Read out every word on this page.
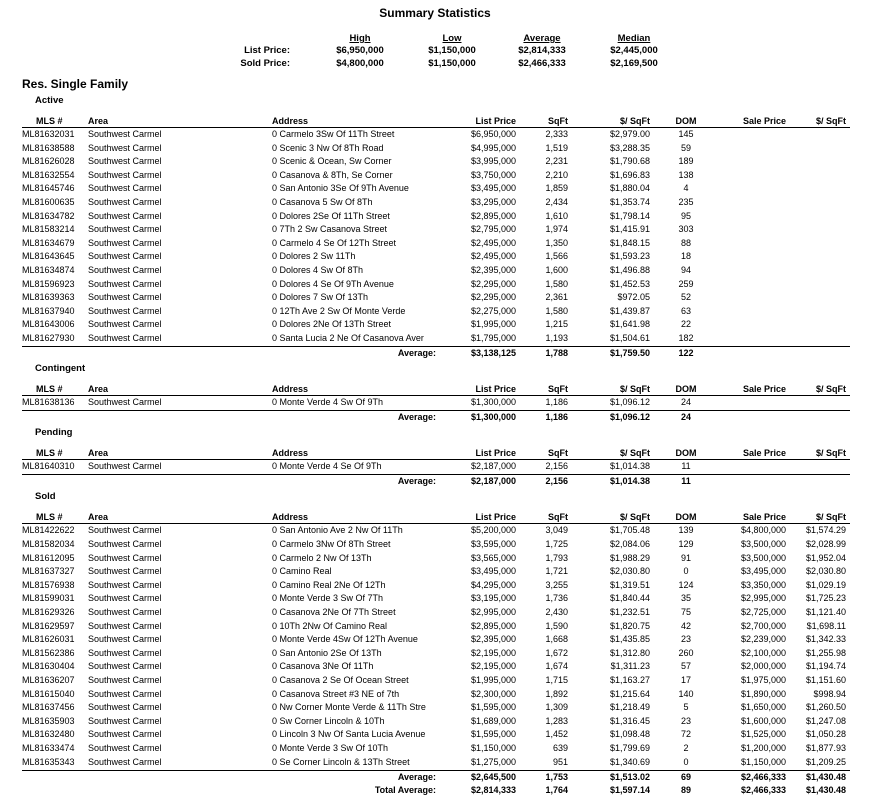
Summary Statistics
High	Low	Average	Median
List Price:	$6,950,000	$1,150,000	$2,814,333	$2,445,000
Sold Price:	$4,800,000	$1,150,000	$2,466,333	$2,169,500
Res. Single Family
Active
MLS #	Area	Address	List Price	SqFt	$/ SqFt	DOM	Sale Price	$/ SqFt
ML81632031	Southwest Carmel	0 Carmelo 3Sw Of 11Th Street	$6,950,000	2,333	$2,979.00	145
ML81638588	Southwest Carmel	0 Scenic 3 Nw Of 8Th Road	$4,995,000	1,519	$3,288.35	59
ML81626028	Southwest Carmel	0 Scenic & Ocean, Sw Corner	$3,995,000	2,231	$1,790.68	189
ML81632554	Southwest Carmel	0 Casanova & 8Th, Se Corner	$3,750,000	2,210	$1,696.83	138
ML81645746	Southwest Carmel	0 San Antonio 3Se Of 9Th Avenue	$3,495,000	1,859	$1,880.04	4
ML81600635	Southwest Carmel	0 Casanova 5 Sw Of 8Th	$3,295,000	2,434	$1,353.74	235
ML81634782	Southwest Carmel	0 Dolores 2Se Of 11Th Street	$2,895,000	1,610	$1,798.14	95
ML81583214	Southwest Carmel	0 7Th 2 Sw Casanova Street	$2,795,000	1,974	$1,415.91	303
ML81634679	Southwest Carmel	0 Carmelo 4 Se Of 12Th Street	$2,495,000	1,350	$1,848.15	88
ML81643645	Southwest Carmel	0 Dolores 2 Sw 11Th	$2,495,000	1,566	$1,593.23	18
ML81634874	Southwest Carmel	0 Dolores 4 Sw Of 8Th	$2,395,000	1,600	$1,496.88	94
ML81596923	Southwest Carmel	0 Dolores 4 Se Of 9Th Avenue	$2,295,000	1,580	$1,452.53	259
ML81639363	Southwest Carmel	0 Dolores 7 Sw Of 13Th	$2,295,000	2,361	$972.05	52
ML81637940	Southwest Carmel	0 12Th Ave 2 Sw Of Monte Verde	$2,275,000	1,580	$1,439.87	63
ML81643006	Southwest Carmel	0 Dolores 2Ne Of 13Th Street	$1,995,000	1,215	$1,641.98	22
ML81627930	Southwest Carmel	0 Santa Lucia 2 Ne Of Casanova Aver	$1,795,000	1,193	$1,504.61	182
Average:	$3,138,125	1,788	$1,759.50	122
Contingent
MLS #	Area	Address	List Price	SqFt	$/ SqFt	DOM	Sale Price	$/ SqFt
ML81638136	Southwest Carmel	0 Monte Verde 4 Sw Of 9Th	$1,300,000	1,186	$1,096.12	24
Average:	$1,300,000	1,186	$1,096.12	24
Pending
MLS #	Area	Address	List Price	SqFt	$/ SqFt	DOM	Sale Price	$/ SqFt
ML81640310	Southwest Carmel	0 Monte Verde 4 Se Of 9Th	$2,187,000	2,156	$1,014.38	11
Average:	$2,187,000	2,156	$1,014.38	11
Sold
MLS #	Area	Address	List Price	SqFt	$/ SqFt	DOM	Sale Price	$/ SqFt
ML81422622	Southwest Carmel	0 San Antonio Ave 2 Nw Of 11Th	$5,200,000	3,049	$1,705.48	139	$4,800,000	$1,574.29
ML81582034	Southwest Carmel	0 Carmelo 3Nw Of 8Th Street	$3,595,000	1,725	$2,084.06	129	$3,500,000	$2,028.99
ML81612095	Southwest Carmel	0 Carmelo 2 Nw Of 13Th	$3,565,000	1,793	$1,988.29	91	$3,500,000	$1,952.04
ML81637327	Southwest Carmel	0 Camino Real	$3,495,000	1,721	$2,030.80	0	$3,495,000	$2,030.80
ML81576938	Southwest Carmel	0 Camino Real 2Ne Of 12Th	$4,295,000	3,255	$1,319.51	124	$3,350,000	$1,029.19
ML81599031	Southwest Carmel	0 Monte Verde 3 Sw Of 7Th	$3,195,000	1,736	$1,840.44	35	$2,995,000	$1,725.23
ML81629326	Southwest Carmel	0 Casanova 2Ne Of 7Th Street	$2,995,000	2,430	$1,232.51	75	$2,725,000	$1,121.40
ML81629597	Southwest Carmel	0 10Th 2Nw Of Camino Real	$2,895,000	1,590	$1,820.75	42	$2,700,000	$1,698.11
ML81626031	Southwest Carmel	0 Monte Verde 4Sw Of 12Th Avenue	$2,395,000	1,668	$1,435.85	23	$2,239,000	$1,342.33
ML81562386	Southwest Carmel	0 San Antonio 2Se Of 13Th	$2,195,000	1,672	$1,312.80	260	$2,100,000	$1,255.98
ML81630404	Southwest Carmel	0 Casanova 3Ne Of 11Th	$2,195,000	1,674	$1,311.23	57	$2,000,000	$1,194.74
ML81636207	Southwest Carmel	0 Casanova 2 Se Of Ocean Street	$1,995,000	1,715	$1,163.27	17	$1,975,000	$1,151.60
ML81615040	Southwest Carmel	0 Casanova Street #3 NE of 7th	$2,300,000	1,892	$1,215.64	140	$1,890,000	$998.94
ML81637456	Southwest Carmel	0 Nw Corner Monte Verde & 11Th Stre	$1,595,000	1,309	$1,218.49	5	$1,650,000	$1,260.50
ML81635903	Southwest Carmel	0 Sw Corner Lincoln & 10Th	$1,689,000	1,283	$1,316.45	23	$1,600,000	$1,247.08
ML81632480	Southwest Carmel	0 Lincoln 3 Nw Of Santa Lucia Avenue	$1,595,000	1,452	$1,098.48	72	$1,525,000	$1,050.28
ML81633474	Southwest Carmel	0 Monte Verde 3 Sw Of 10Th	$1,150,000	639	$1,799.69	2	$1,200,000	$1,877.93
ML81635343	Southwest Carmel	0 Se Corner Lincoln & 13Th Street	$1,275,000	951	$1,340.69	0	$1,150,000	$1,209.25
Average:	$2,645,500	1,753	$1,513.02	69	$2,466,333	$1,430.48
Total Average:	$2,814,333	1,764	$1,597.14	89	$2,466,333	$1,430.48
